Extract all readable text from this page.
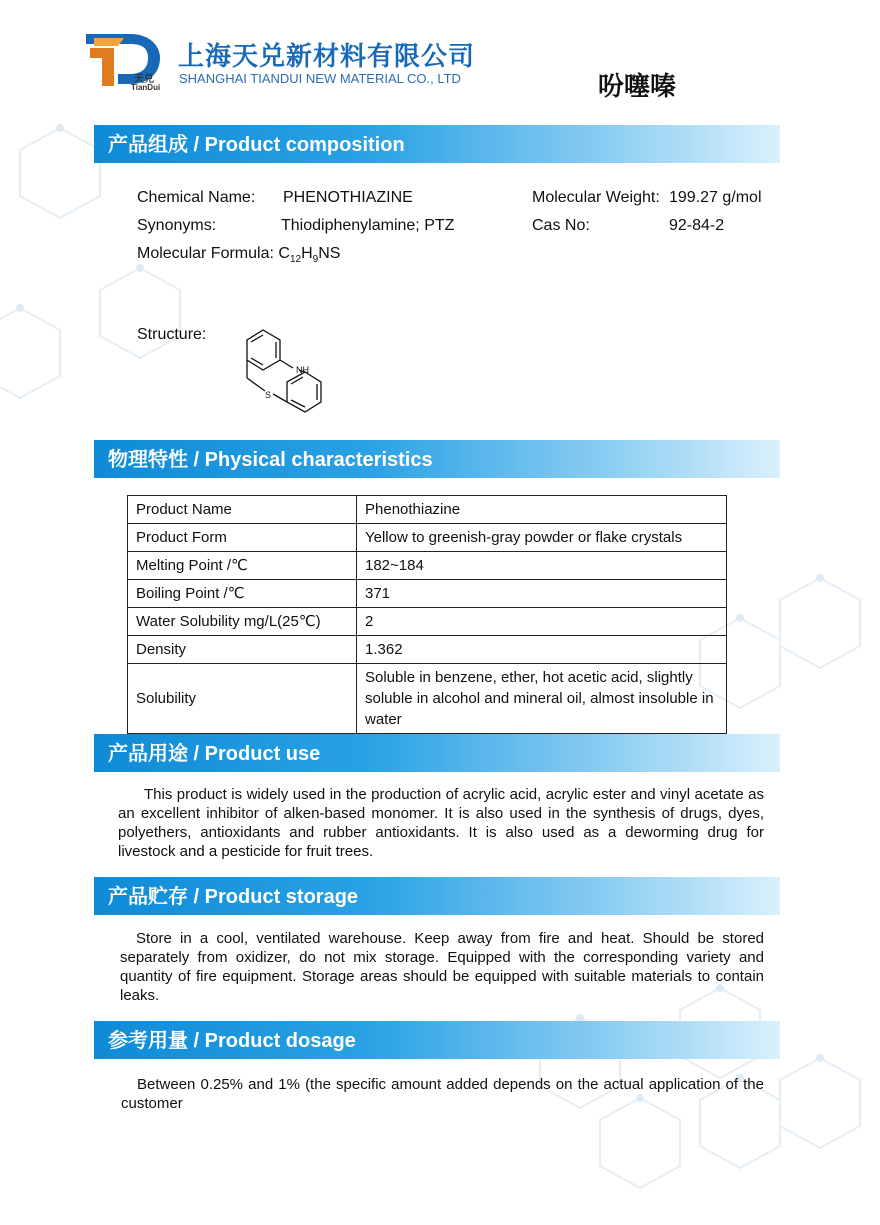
天兑
TianDui
上海天兑新材料有限公司
SHANGHAI TIANDUI NEW MATERIAL CO., LTD	吩噻嗪
产品组成 / Product composition
Chemical Name: PHENOTHIAZINE	Molecular Weight: 199.27 g/mol
Synonyms:	Thiodiphenylamine; PTZ	Cas No:	92-84-2
Molecular Formula: $C_{12}H_9NS$
Structure:
NH
S
物理特性 / Physical characteristics
Product Name	Phenothiazine
Product Form	Yellow to greenish-gray powder or flake crystals
Melting Point /℃	182~184
Boiling Point /℃	371
Water Solubility mg/L(25℃)	2
Density	1.362
Solubility	Soluble in benzene, ether, hot acetic acid, slightly soluble in alcohol and mineral oil, almost insoluble in water
产品用途 / Product use
This product is widely used in the production of acrylic acid, acrylic ester and vinyl acetate as an excellent inhibitor of alken-based monomer. It is also used in the synthesis of drugs, dyes, polyethers, antioxidants and rubber antioxidants. It is also used as a deworming drug for livestock and a pesticide for fruit trees.
产品贮存 / Product storage
Store in a cool, ventilated warehouse. Keep away from fire and heat. Should be stored separately from oxidizer, do not mix storage. Equipped with the corresponding variety and quantity of fire equipment. Storage areas should be equipped with suitable materials to contain leaks.
参考用量 / Product dosage
Between 0.25% and 1% (the specific amount added depends on the actual application of the customer
